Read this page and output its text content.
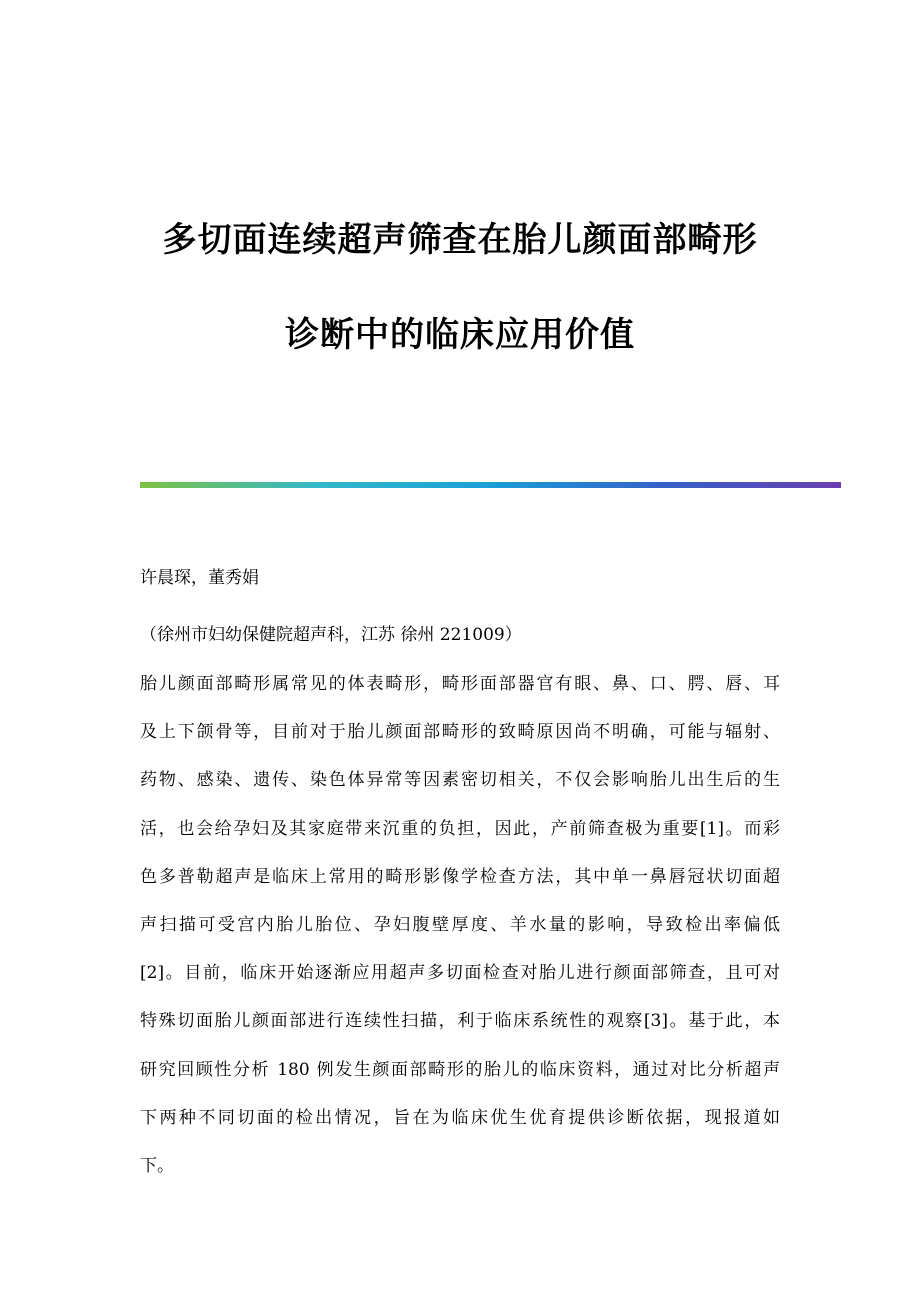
多切面连续超声筛查在胎儿颜面部畸形
诊断中的临床应用价值
许晨琛，董秀娟
（徐州市妇幼保健院超声科，江苏 徐州 221009）
胎儿颜面部畸形属常见的体表畸形，畸形面部器官有眼、鼻、口、腭、唇、耳
及上下颌骨等，目前对于胎儿颜面部畸形的致畸原因尚不明确，可能与辐射、
药物、感染、遗传、染色体异常等因素密切相关，不仅会影响胎儿出生后的生
活，也会给孕妇及其家庭带来沉重的负担，因此，产前筛查极为重要[1]。而彩
色多普勒超声是临床上常用的畸形影像学检查方法，其中单一鼻唇冠状切面超
声扫描可受宫内胎儿胎位、孕妇腹壁厚度、羊水量的影响，导致检出率偏低
[2]。目前，临床开始逐渐应用超声多切面检查对胎儿进行颜面部筛查，且可对
特殊切面胎儿颜面部进行连续性扫描，利于临床系统性的观察[3]。基于此，本
研究回顾性分析 180 例发生颜面部畸形的胎儿的临床资料，通过对比分析超声
下两种不同切面的检出情况，旨在为临床优生优育提供诊断依据，现报道如
下。
